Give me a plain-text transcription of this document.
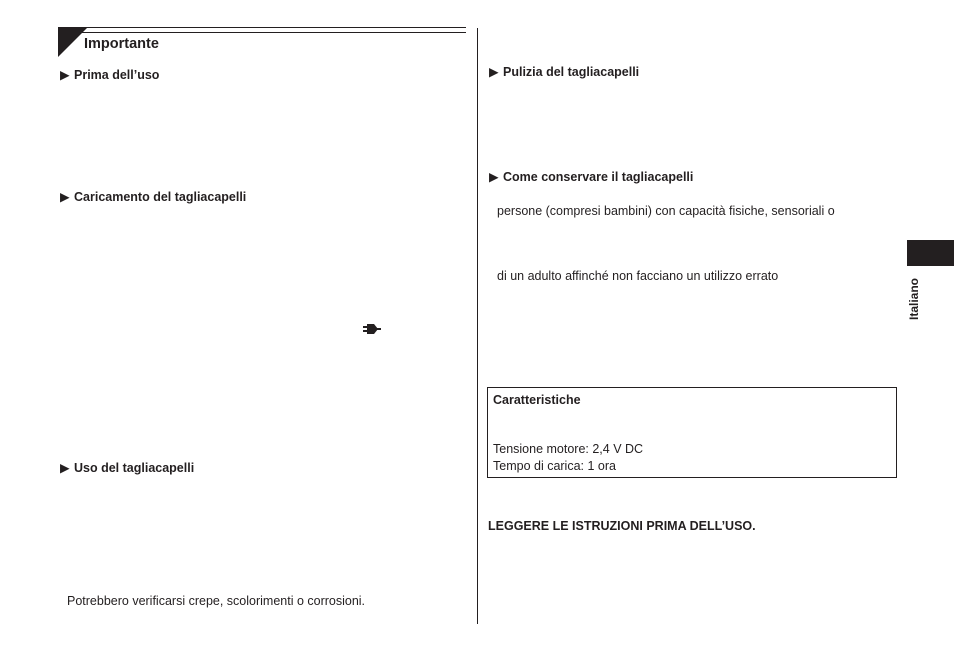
Importante
▶ Prima dell’uso
▶ Caricamento del tagliacapelli
▶ Uso del tagliacapelli
Potrebbero verificarsi crepe, scolorimenti o corrosioni.
▶ Pulizia del tagliacapelli
▶ Come conservare il tagliacapelli
persone (compresi bambini) con capacità fisiche, sensoriali o
di un adulto affinché non facciano un utilizzo errato
Caratteristiche
Tensione motore: 2,4 V DC
Tempo di carica: 1 ora
LEGGERE LE ISTRUZIONI PRIMA DELL’USO.
Italiano
